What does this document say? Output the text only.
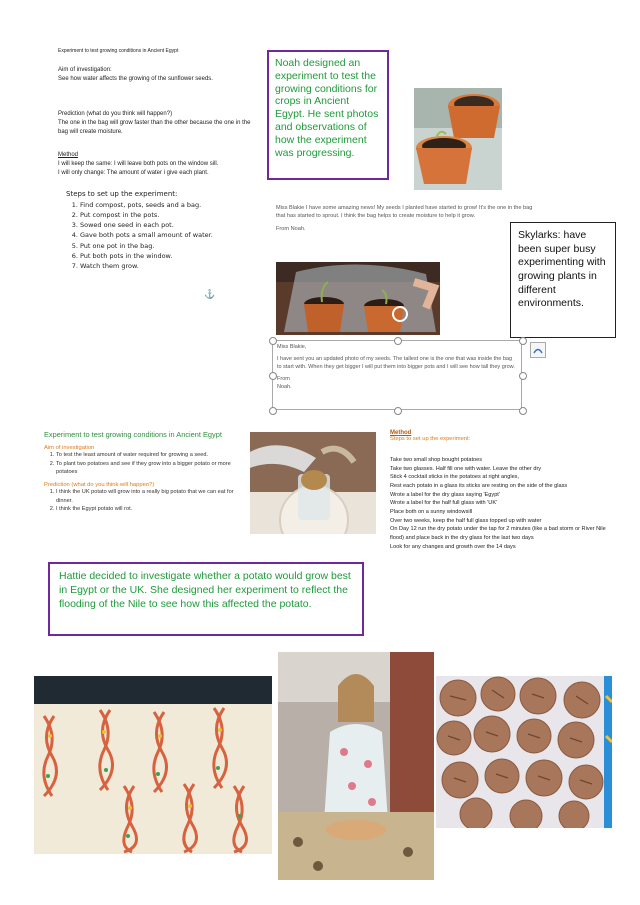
Experiment to test growing conditions in Ancient Egypt
Aim of investigation:
See how water affects the growing of the sunflower seeds.
Prediction (what do you think will happen?)
The one in the bag will grow faster than the other because the one in the bag will create moisture.
Method
I will keep the same: I will leave both pots on the window sill.
I will only change: The amount of water i give each plant.
Steps to set up the experiment:
1. Find compost, pots, seeds and a bag.
2. Put compost in the pots.
3. Sowed one seed in each pot.
4. Gave both pots a small amount of water.
5. Put one pot in the bag.
6. Put both pots in the window.
7. Watch them grow.
⚓
Noah designed an experiment to test the growing conditions for crops in Ancient Egypt. He sent photos and observations of how the experiment was progressing.
Miss Blakie I have some amazing news! My seeds I planted have started to grow! It's the one in the bag that has started to sprout. I think the bag helps to create moisture to help it grow.
From Noah.	Skylarks: have been super busy experimenting with growing plants in different environments.
Miss Blakie,
I have sent you an updated photo of my seeds. The tallest one is the one that was inside the bag to start with. When they get bigger I will put them into bigger pots and I will see how tall they grow.
From
Noah.
Experiment to test growing conditions in Ancient Egypt
Aim of investigation
1. To test the least amount of water required for growing a seed.
2. To plant two potatoes and see if they grow into a bigger potato or more potatoes
Prediction (what do you think will happen?)
1. I think the UK potato will grow into a really big potato that we can eat for dinner.
2. I think the Egypt potato will rot.
Method
Steps to set up the experiment:
Take two small shop bought potatoes
Take two glasses. Half fill one with water. Leave the other dry
Stick 4 cocktail sticks in the potatoes at right angles,
Rest each potato in a glass its sticks are resting on the side of the glass
Wrote a label for the dry glass saying 'Egypt'
Wrote a label for the half full glass with 'UK'
Place both on a sunny windowsill
Over two weeks, keep the half full glass topped up with water
On Day 12 run the dry potato under the tap for 2 minutes (like a bad storm or River Nile flood) and place back in the dry glass for the last two days
Look for any changes and growth over the 14 days
Hattie decided to investigate whether a potato would grow best in Egypt or the UK. She designed her experiment to reflect the flooding of the Nile to see how this affected the potato.
